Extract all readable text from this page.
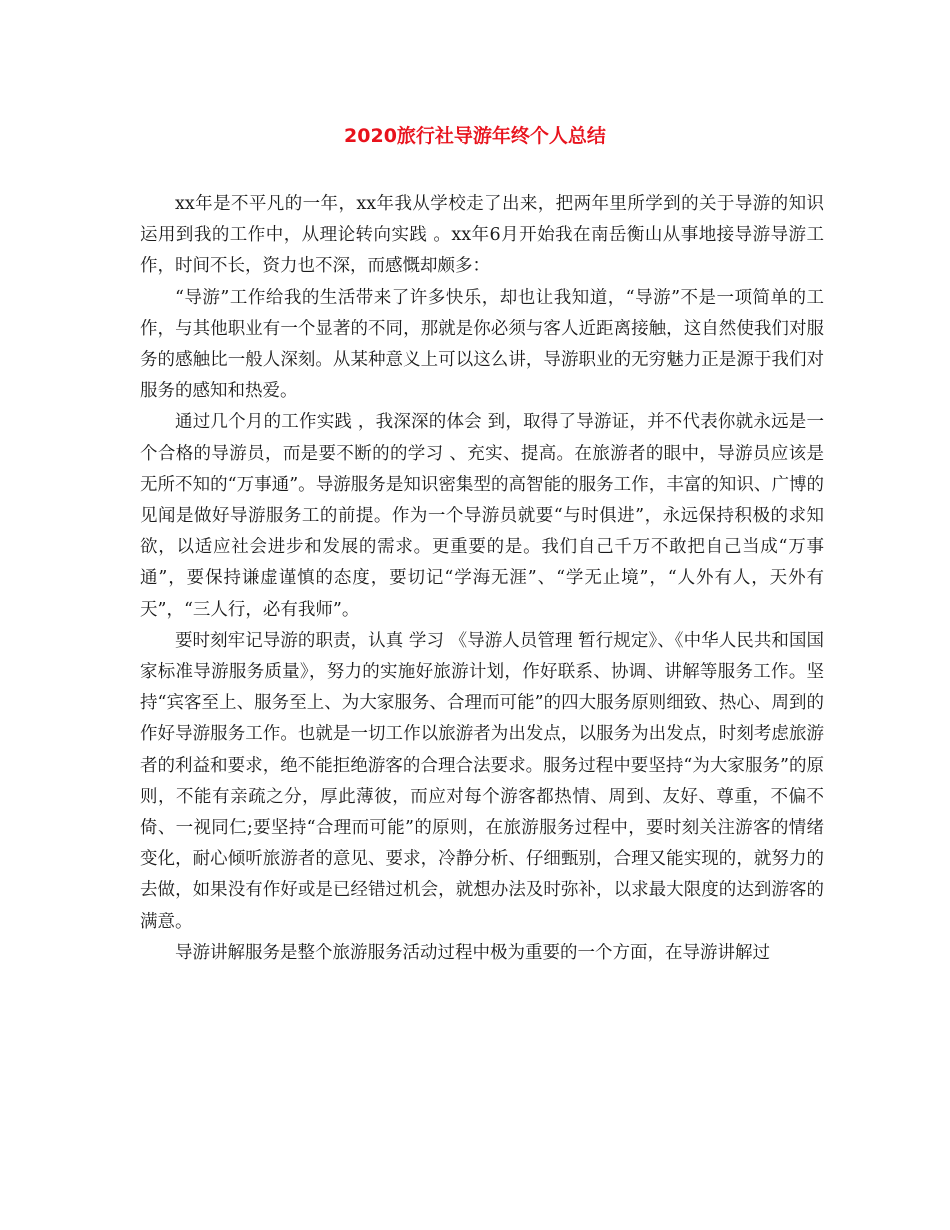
2020旅行社导游年终个人总结

xx年是不平凡的一年，xx年我从学校走了出来，把两年里所学到的关于导游的知识运用到我的工作中，从理论转向实践 。xx年6月开始我在南岳衡山从事地接导游导游工作，时间不长，资力也不深，而感慨却颇多：

“导游”工作给我的生活带来了许多快乐，却也让我知道，“导游”不是一项简单的工作，与其他职业有一个显著的不同，那就是你必须与客人近距离接触，这自然使我们对服务的感触比一般人深刻。从某种意义上可以这么讲，导游职业的无穷魅力正是源于我们对服务的感知和热爱。

通过几个月的工作实践 ，我深深的体会 到，取得了导游证，并不代表你就永远是一个合格的导游员，而是要不断的的学习 、充实、提高。在旅游者的眼中，导游员应该是无所不知的“万事通”。导游服务是知识密集型的高智能的服务工作，丰富的知识、广博的见闻是做好导游服务工的前提。作为一个导游员就要“与时俱进”，永远保持积极的求知欲，以适应社会进步和发展的需求。更重要的是。我们自己千万不敢把自己当成“万事通”，要保持谦虚谨慎的态度，要切记“学海无涯”、“学无止境”，“人外有人，天外有天”，“三人行，必有我师”。

要时刻牢记导游的职责，认真 学习 《导游人员管理 暂行规定》、《中华人民共和国国家标准导游服务质量》，努力的实施好旅游计划，作好联系、协调、讲解等服务工作。坚持“宾客至上、服务至上、为大家服务、合理而可能”的四大服务原则细致、热心、周到的作好导游服务工作。也就是一切工作以旅游者为出发点，以服务为出发点，时刻考虑旅游者的利益和要求，绝不能拒绝游客的合理合法要求。服务过程中要坚持“为大家服务”的原则，不能有亲疏之分，厚此薄彼，而应对每个游客都热情、周到、友好、尊重，不偏不倚、一视同仁;要坚持“合理而可能”的原则，在旅游服务过程中，要时刻关注游客的情绪变化，耐心倾听旅游者的意见、要求，冷静分析、仔细甄别，合理又能实现的，就努力的去做，如果没有作好或是已经错过机会，就想办法及时弥补，以求最大限度的达到游客的满意。

导游讲解服务是整个旅游服务活动过程中极为重要的一个方面，在导游讲解过
